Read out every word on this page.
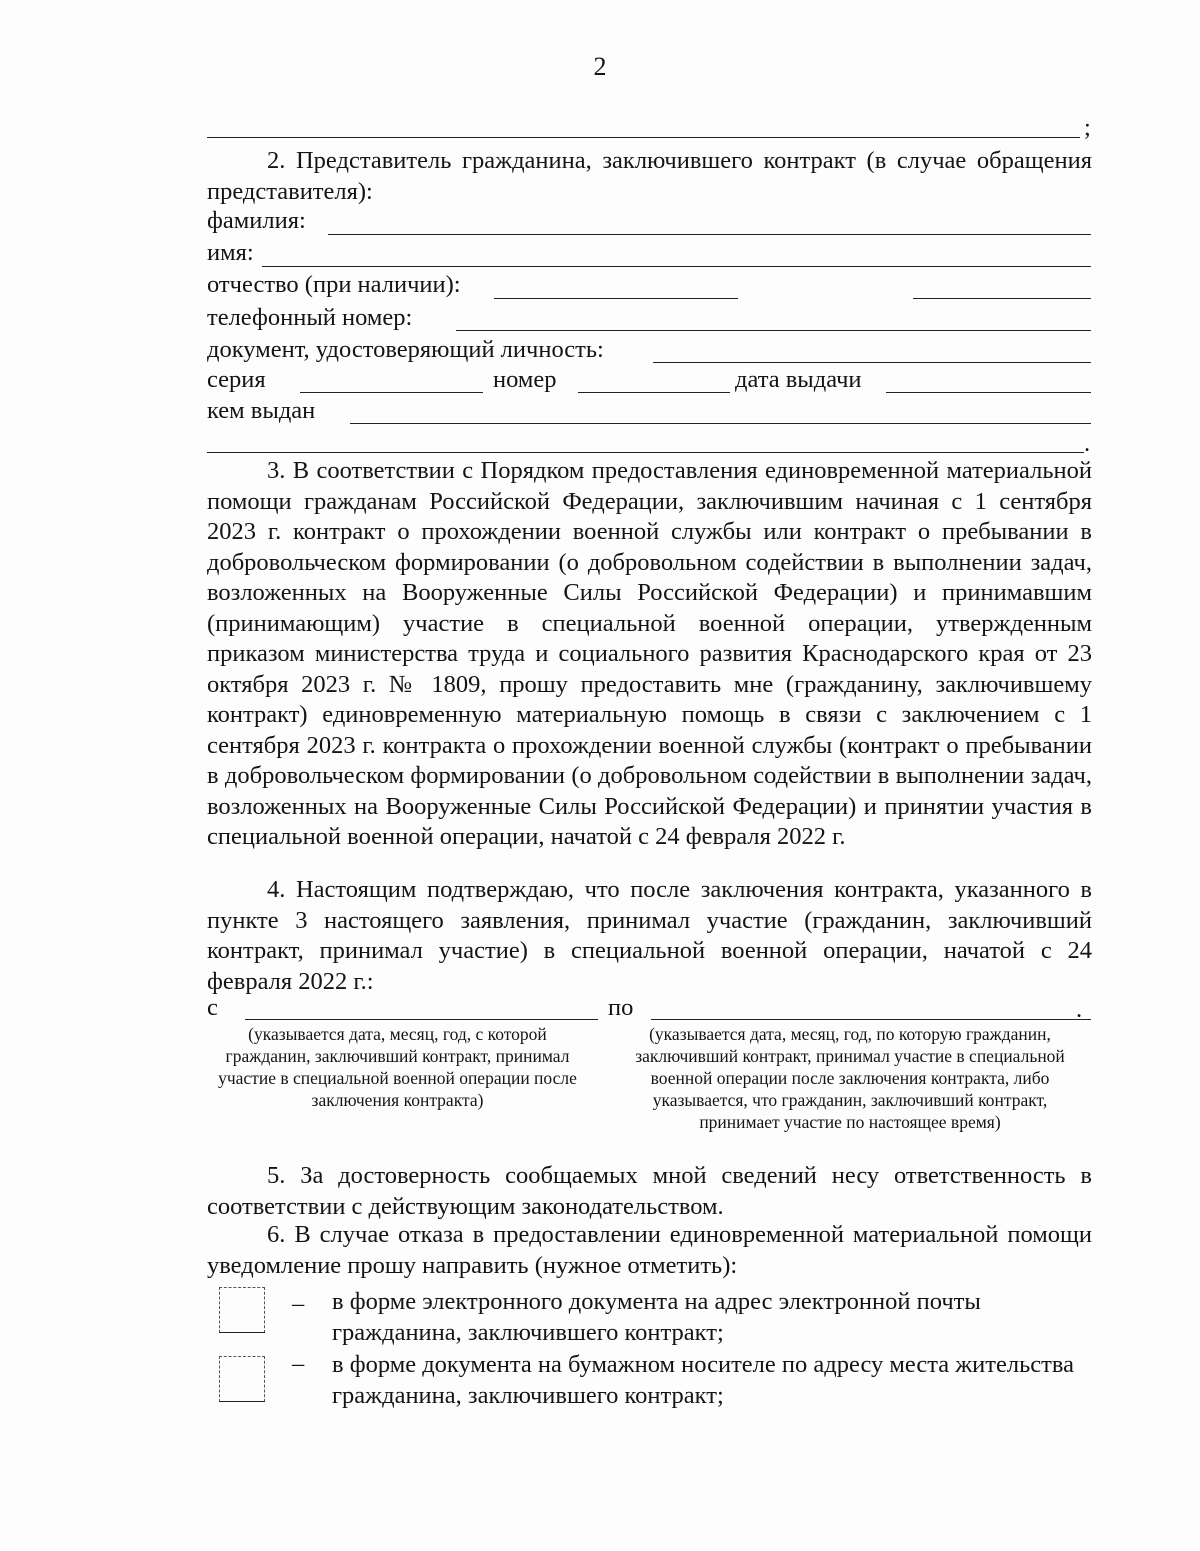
2
;
2. Представитель гражданина, заключившего контракт (в случае обращения представителя):
фамилия:
имя:
отчество (при наличии):
телефонный номер:
документ, удостоверяющий личность:
серия	номер	дата выдачи
кем выдан
.
3. В соответствии с Порядком предоставления единовременной материальной помощи гражданам Российской Федерации, заключившим начиная с 1 сентября 2023 г. контракт о прохождении военной службы или контракт о пребывании в добровольческом формировании (о добровольном содействии в выполнении задач, возложенных на Вооруженные Силы Российской Федерации) и принимавшим (принимающим) участие в специальной военной операции, утвержденным приказом министерства труда и социального развития Краснодарского края от 23 октября 2023 г. № 1809, прошу предоставить мне (гражданину, заключившему контракт) единовременную материальную помощь в связи с заключением с 1 сентября 2023 г. контракта о прохождении военной службы (контракт о пребывании в добровольческом формировании (о добровольном содействии в выполнении задач, возложенных на Вооруженные Силы Российской Федерации) и принятии участия в специальной военной операции, начатой с 24 февраля 2022 г.
4. Настоящим подтверждаю, что после заключения контракта, указанного в пункте 3 настоящего заявления, принимал участие (гражданин, заключивший контракт, принимал участие) в специальной военной операции, начатой с 24 февраля 2022 г.:
с	по	.
(указывается дата, месяц, год, с которой гражданин, заключивший контракт, принимал участие в специальной военной операции после заключения контракта)
(указывается дата, месяц, год, по которую гражданин, заключивший контракт, принимал участие в специальной военной операции после заключения контракта, либо указывается, что гражданин, заключивший контракт, принимает участие по настоящее время)
5. За достоверность сообщаемых мной сведений несу ответственность в соответствии с действующим законодательством.
6. В случае отказа в предоставлении единовременной материальной помощи уведомление прошу направить (нужное отметить):
– в форме электронного документа на адрес электронной почты гражданина, заключившего контракт;
– в форме документа на бумажном носителе по адресу места жительства гражданина, заключившего контракт;
